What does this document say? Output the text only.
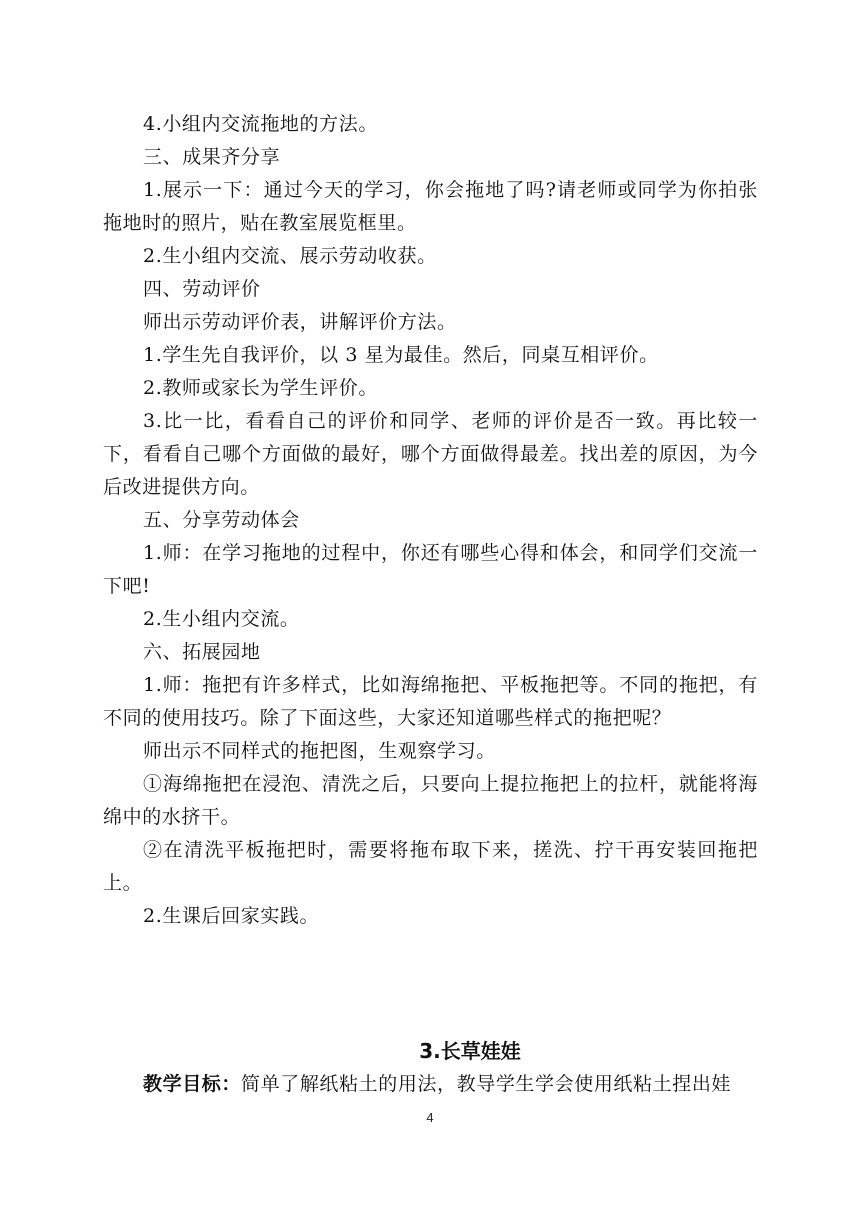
4.小组内交流拖地的方法。

三、成果齐分享

1.展示一下：通过今天的学习，你会拖地了吗?请老师或同学为你拍张拖地时的照片，贴在教室展览框里。

2.生小组内交流、展示劳动收获。

四、劳动评价

师出示劳动评价表，讲解评价方法。

1.学生先自我评价，以 3 星为最佳。然后，同桌互相评价。

2.教师或家长为学生评价。

3.比一比，看看自己的评价和同学、老师的评价是否一致。再比较一下，看看自己哪个方面做的最好，哪个方面做得最差。找出差的原因，为今后改进提供方向。

五、分享劳动体会

1.师：在学习拖地的过程中，你还有哪些心得和体会，和同学们交流一下吧!

2.生小组内交流。

六、拓展园地

1.师：拖把有许多样式，比如海绵拖把、平板拖把等。不同的拖把，有不同的使用技巧。除了下面这些，大家还知道哪些样式的拖把呢？

师出示不同样式的拖把图，生观察学习。

①海绵拖把在浸泡、清洗之后，只要向上提拉拖把上的拉杆，就能将海绵中的水挤干。

②在清洗平板拖把时，需要将拖布取下来，搓洗、拧干再安装回拖把上。

2.生课后回家实践。

3.长草娃娃
教学目标：简单了解纸粘土的用法，教导学生学会使用纸粘土捏出娃
4
